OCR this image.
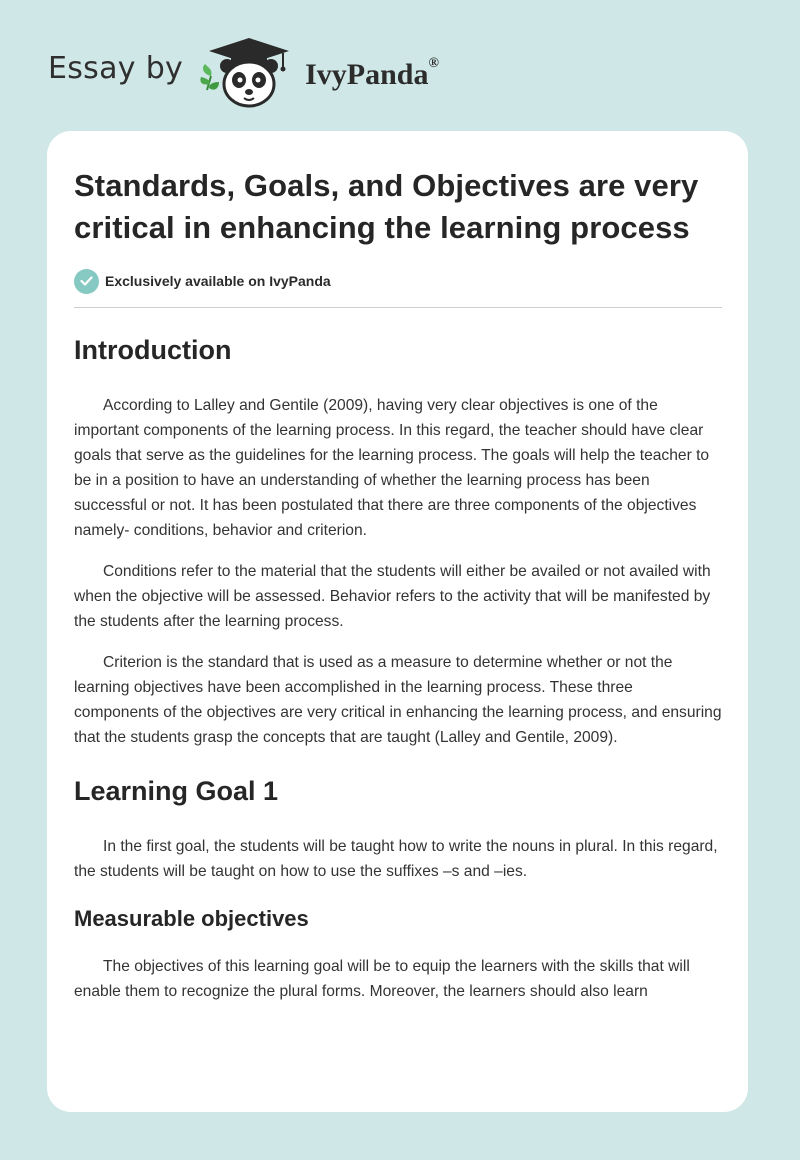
Essay by	IvyPanda®
Standards, Goals, and Objectives are very critical in enhancing the learning process
Exclusively available on IvyPanda
Introduction

According to Lalley and Gentile (2009), having very clear objectives is one of the important components of the learning process. In this regard, the teacher should have clear goals that serve as the guidelines for the learning process. The goals will help the teacher to be in a position to have an understanding of whether the learning process has been successful or not. It has been postulated that there are three components of the objectives namely- conditions, behavior and criterion.

Conditions refer to the material that the students will either be availed or not availed with when the objective will be assessed. Behavior refers to the activity that will be manifested by the students after the learning process.

Criterion is the standard that is used as a measure to determine whether or not the learning objectives have been accomplished in the learning process. These three components of the objectives are very critical in enhancing the learning process, and ensuring that the students grasp the concepts that are taught (Lalley and Gentile, 2009).

Learning Goal 1

In the first goal, the students will be taught how to write the nouns in plural. In this regard, the students will be taught on how to use the suffixes –s and –ies.

Measurable objectives

The objectives of this learning goal will be to equip the learners with the skills that will enable them to recognize the plural forms. Moreover, the learners should also learn
